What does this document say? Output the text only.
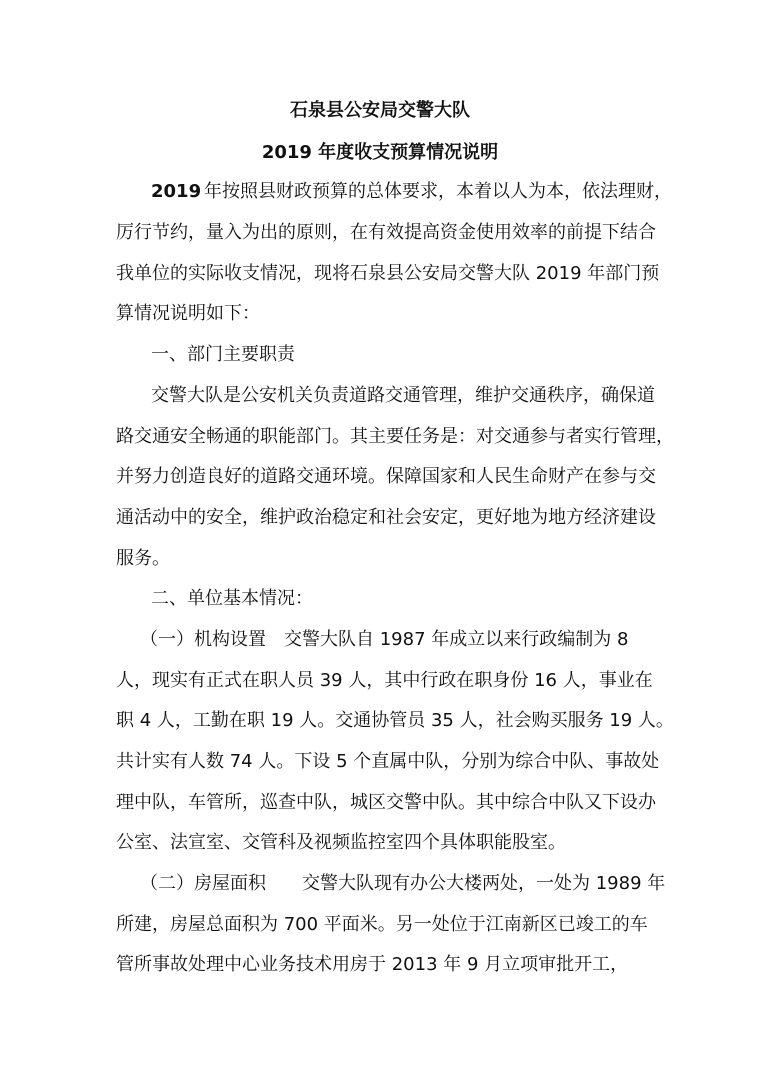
石泉县公安局交警大队
2019 年度收支预算情况说明
2019 年按照县财政预算的总体要求，本着以人为本，依法理财，
厉行节约，量入为出的原则，在有效提高资金使用效率的前提下结合
我单位的实际收支情况，现将石泉县公安局交警大队 2019 年部门预
算情况说明如下：
一、部门主要职责
交警大队是公安机关负责道路交通管理，维护交通秩序，确保道
路交通安全畅通的职能部门。其主要任务是：对交通参与者实行管理，
并努力创造良好的道路交通环境。保障国家和人民生命财产在参与交
通活动中的安全，维护政治稳定和社会安定，更好地为地方经济建设
服务。
二、单位基本情况：
（一）机构设置　交警大队自 1987 年成立以来行政编制为 8
人，现实有正式在职人员 39 人，其中行政在职身份 16 人，事业在
职 4 人，工勤在职 19 人。交通协管员 35 人，社会购买服务 19 人。
共计实有人数 74 人。下设 5 个直属中队，分别为综合中队、事故处
理中队，车管所，巡查中队，城区交警中队。其中综合中队又下设办
公室、法宣室、交管科及视频监控室四个具体职能股室。
（二）房屋面积　　交警大队现有办公大楼两处，一处为 1989 年
所建，房屋总面积为 700 平面米。另一处位于江南新区已竣工的车
管所事故处理中心业务技术用房于 2013 年 9 月立项审批开工，
